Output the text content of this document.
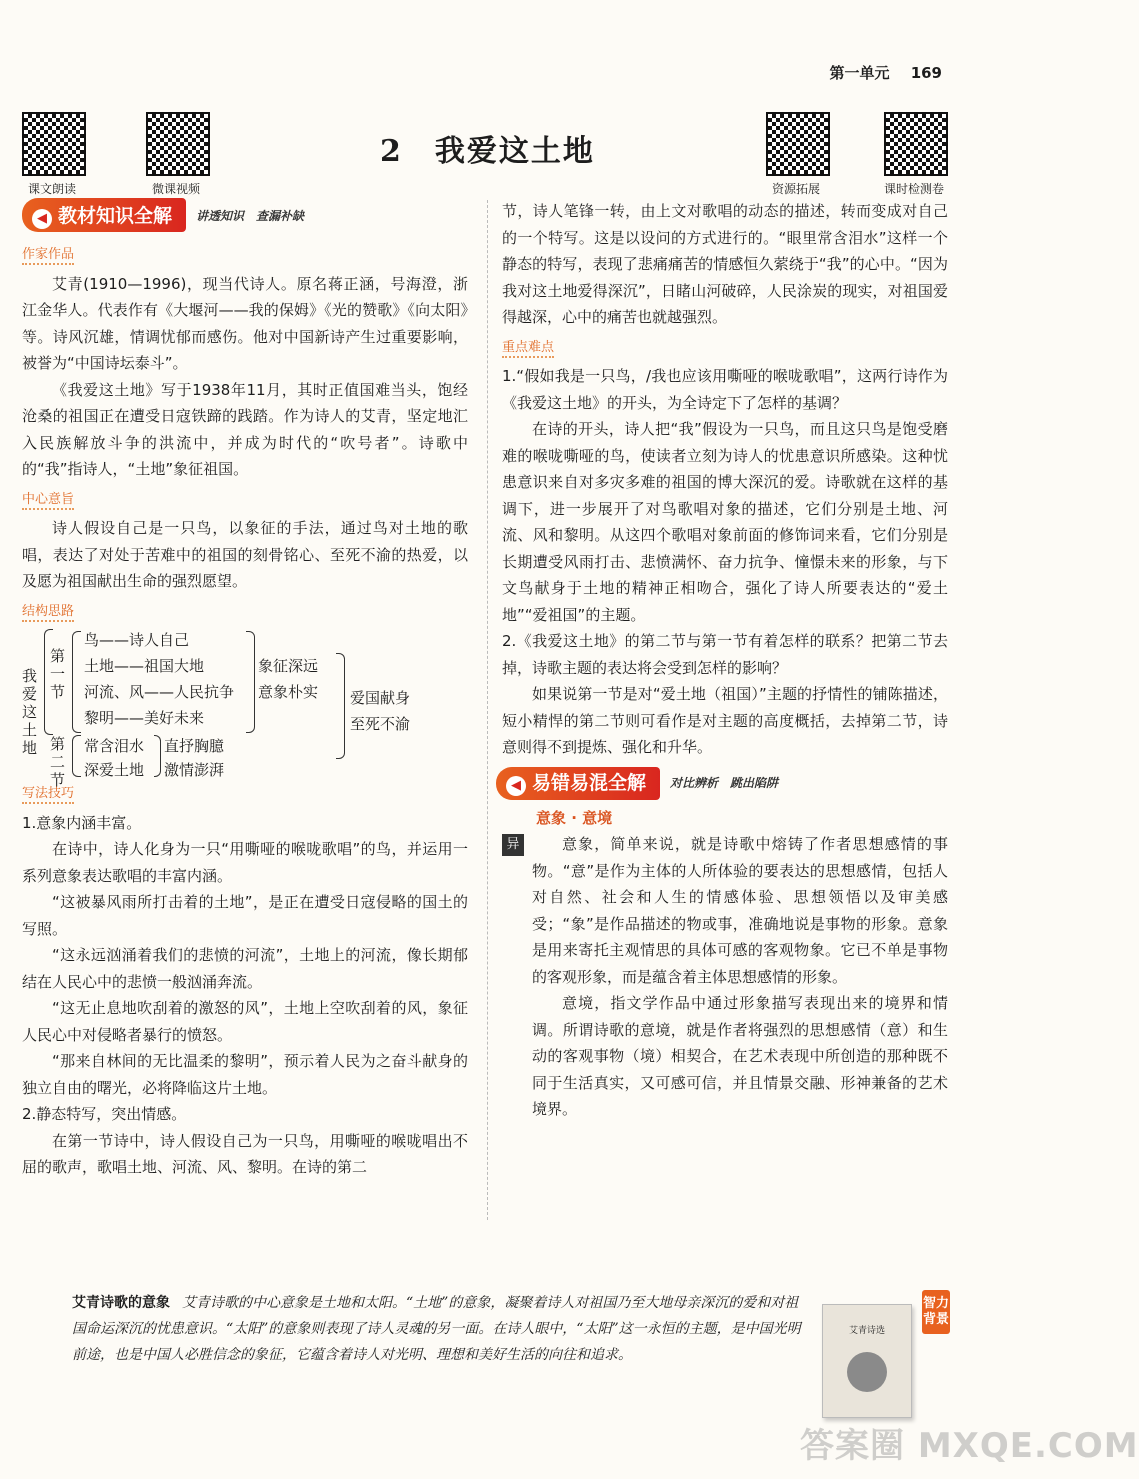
第一单元 169
课文朗读	微课视频	资源拓展	课时检测卷
2　我爱这土地
◀ 教材知识全解	讲透知识　查漏补缺
作家作品

艾青(1910—1996)，现当代诗人。原名蒋正涵，号海澄，浙江金华人。代表作有《大堰河——我的保姆》《光的赞歌》《向太阳》等。诗风沉雄，情调忧郁而感伤。他对中国新诗产生过重要影响，被誉为“中国诗坛泰斗”。

《我爱这土地》写于1938年11月，其时正值国难当头，饱经沧桑的祖国正在遭受日寇铁蹄的践踏。作为诗人的艾青，坚定地汇入民族解放斗争的洪流中，并成为时代的“吹号者”。诗歌中的“我”指诗人，“土地”象征祖国。

中心意旨

诗人假设自己是一只鸟，以象征的手法，通过鸟对土地的歌唱，表达了对处于苦难中的祖国的刻骨铭心、至死不渝的热爱，以及愿为祖国献出生命的强烈愿望。

结构思路
我爱这土地
第一节
鸟——诗人自己
土地——祖国大地
河流、风——人民抗争
黎明——美好未来
象征深远
意象朴实 爱国献身
至死不渝
第二节
常含泪水
深爱土地
直抒胸臆
激情澎湃
写法技巧

1.意象内涵丰富。

在诗中，诗人化身为一只“用嘶哑的喉咙歌唱”的鸟，并运用一系列意象表达歌唱的丰富内涵。

“这被暴风雨所打击着的土地”，是正在遭受日寇侵略的国土的写照。

“这永远汹涌着我们的悲愤的河流”，土地上的河流，像长期郁结在人民心中的悲愤一般汹涌奔流。

“这无止息地吹刮着的激怒的风”，土地上空吹刮着的风，象征人民心中对侵略者暴行的愤怒。

“那来自林间的无比温柔的黎明”，预示着人民为之奋斗献身的独立自由的曙光，必将降临这片土地。

2.静态特写，突出情感。

在第一节诗中，诗人假设自己为一只鸟，用嘶哑的喉咙唱出不屈的歌声，歌唱土地、河流、风、黎明。在诗的第二

节，诗人笔锋一转，由上文对歌唱的动态的描述，转而变成对自己的一个特写。这是以设问的方式进行的。“眼里常含泪水”这样一个静态的特写，表现了悲痛痛苦的情感恒久萦绕于“我”的心中。“因为我对这土地爱得深沉”，日睹山河破碎，人民涂炭的现实，对祖国爱得越深，心中的痛苦也就越强烈。

重点难点

1.“假如我是一只鸟，/我也应该用嘶哑的喉咙歌唱”，这两行诗作为《我爱这土地》的开头，为全诗定下了怎样的基调？

在诗的开头，诗人把“我”假设为一只鸟，而且这只鸟是饱受磨难的喉咙嘶哑的鸟，使读者立刻为诗人的忧患意识所感染。这种忧患意识来自对多灾多难的祖国的博大深沉的爱。诗歌就在这样的基调下，进一步展开了对鸟歌唱对象的描述，它们分别是土地、河流、风和黎明。从这四个歌唱对象前面的修饰词来看，它们分别是长期遭受风雨打击、悲愤满怀、奋力抗争、憧憬未来的形象，与下文鸟献身于土地的精神正相吻合，强化了诗人所要表达的“爱土地”“爱祖国”的主题。

2.《我爱这土地》的第二节与第一节有着怎样的联系？把第二节去掉，诗歌主题的表达将会受到怎样的影响？

如果说第一节是对“爱土地（祖国）”主题的抒情性的铺陈描述，短小精悍的第二节则可看作是对主题的高度概括，去掉第二节，诗意则得不到提炼、强化和升华。

◀ 易错易混全解	对比辨析　跳出陷阱
意象 · 意境
异	意象，简单来说，就是诗歌中熔铸了作者思想感情的事物。“意”是作为主体的人所体验的要表达的思想感情，包括人对自然、社会和人生的情感体验、思想领悟以及审美感受；“象”是作品描述的物或事，准确地说是事物的形象。意象是用来寄托主观情思的具体可感的客观物象。它已不单是事物的客观形象，而是蕴含着主体思想感情的形象。

意境，指文学作品中通过形象描写表现出来的境界和情调。所谓诗歌的意境，就是作者将强烈的思想感情（意）和生动的客观事物（境）相契合，在艺术表现中所创造的那种既不同于生活真实，又可感可信，并且情景交融、形神兼备的艺术境界。

艾青诗歌的意象 艾青诗歌的中心意象是土地和太阳。“土地”的意象，凝聚着诗人对祖国乃至大地母亲深沉的爱和对祖国命运深沉的忧患意识。“太阳”的意象则表现了诗人灵魂的另一面。在诗人眼中，“太阳”这一永恒的主题，是中国光明前途，也是中国人必胜信念的象征，它蕴含着诗人对光明、理想和美好生活的向往和追求。
艾青诗选
智力背景
答案圈 MXQE.COM
